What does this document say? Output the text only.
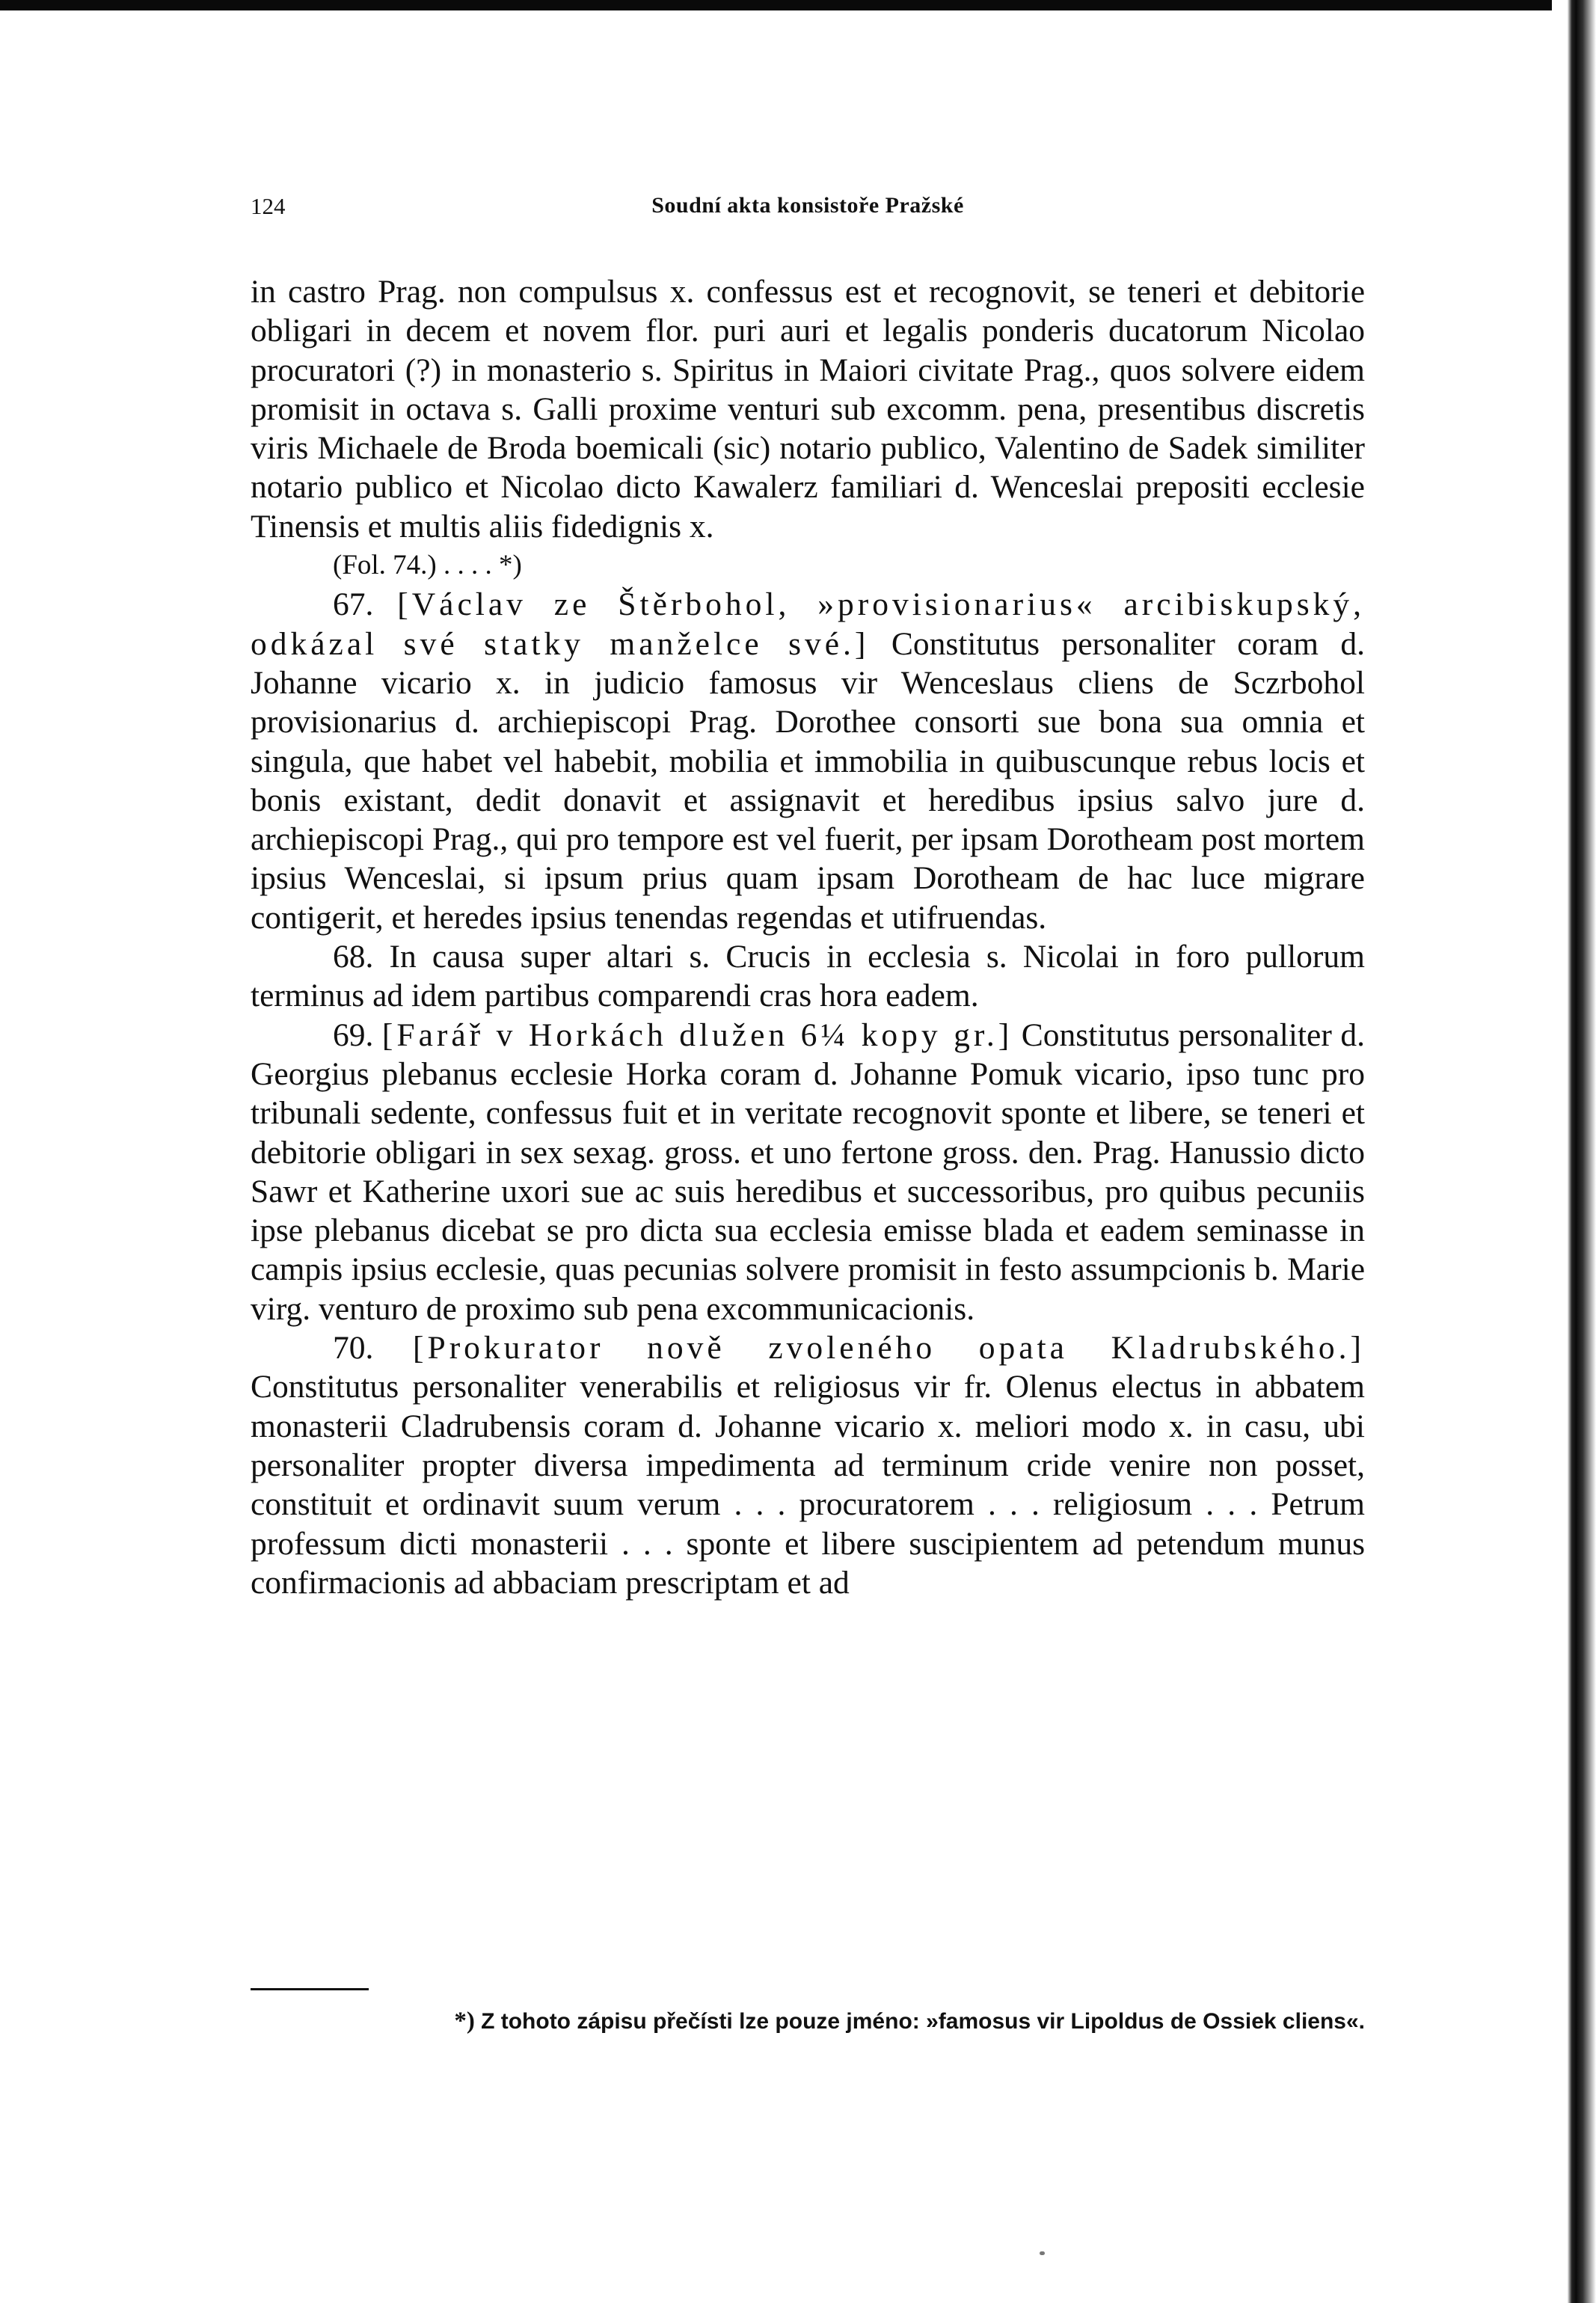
124	Soudní akta konsistoře Pražské

in castro Prag. non compulsus x. confessus est et recognovit, se teneri et debitorie obligari in decem et novem flor. puri auri et legalis ponderis ducatorum Nicolao procuratori (?) in monasterio s. Spiritus in Maiori civitate Prag., quos solvere eidem promisit in octava s. Galli proxime venturi sub excomm. pena, presentibus discretis viris Michaele de Broda boemicali (sic) notario publico, Valentino de Sadek similiter notario publico et Nicolao dicto Kawalerz familiari d. Wenceslai prepositi ecclesie Tinensis et multis aliis fidedignis x.

(Fol. 74.) . . . . *)

67. [Václav ze Štěrbohol, »provisionarius« arcibiskupský, odkázal své statky manželce své.] Constitutus personaliter coram d. Johanne vicario x. in judicio famosus vir Wenceslaus cliens de Sczrbohol provisionarius d. archiepiscopi Prag. Dorothee consorti sue bona sua omnia et singula, que habet vel habebit, mobilia et immobilia in quibuscunque rebus locis et bonis existant, dedit donavit et assignavit et heredibus ipsius salvo jure d. archiepiscopi Prag., qui pro tempore est vel fuerit, per ipsam Dorotheam post mortem ipsius Wenceslai, si ipsum prius quam ipsam Dorotheam de hac luce migrare contigerit, et heredes ipsius tenendas regendas et utifruendas.

68. In causa super altari s. Crucis in ecclesia s. Nicolai in foro pullorum terminus ad idem partibus comparendi cras hora eadem.

69. [Farář v Horkách dlužen 6¼ kopy gr.] Constitutus personaliter d. Georgius plebanus ecclesie Horka coram d. Johanne Pomuk vicario, ipso tunc pro tribunali sedente, confessus fuit et in veritate recognovit sponte et libere, se teneri et debitorie obligari in sex sexag. gross. et uno fertone gross. den. Prag. Hanussio dicto Sawr et Katherine uxori sue ac suis heredibus et successoribus, pro quibus pecuniis ipse plebanus dicebat se pro dicta sua ecclesia emisse blada et eadem seminasse in campis ipsius ecclesie, quas pecunias solvere promisit in festo assumpcionis b. Marie virg. venturo de proximo sub pena excommunicacionis.

70. [Prokurator nově zvoleného opata Kladrubského.] Constitutus personaliter venerabilis et religiosus vir fr. Olenus electus in abbatem monasterii Cladrubensis coram d. Johanne vicario x. meliori modo x. in casu, ubi personaliter propter diversa impedimenta ad terminum cride venire non posset, constituit et ordinavit suum verum . . . procuratorem . . . religiosum . . . Petrum professum dicti monasterii . . . sponte et libere suscipientem ad petendum munus confirmacionis ad abbaciam prescriptam et ad

*) Z tohoto zápisu přečísti lze pouze jméno: »famosus vir Lipoldus de Ossiek cliens«.
